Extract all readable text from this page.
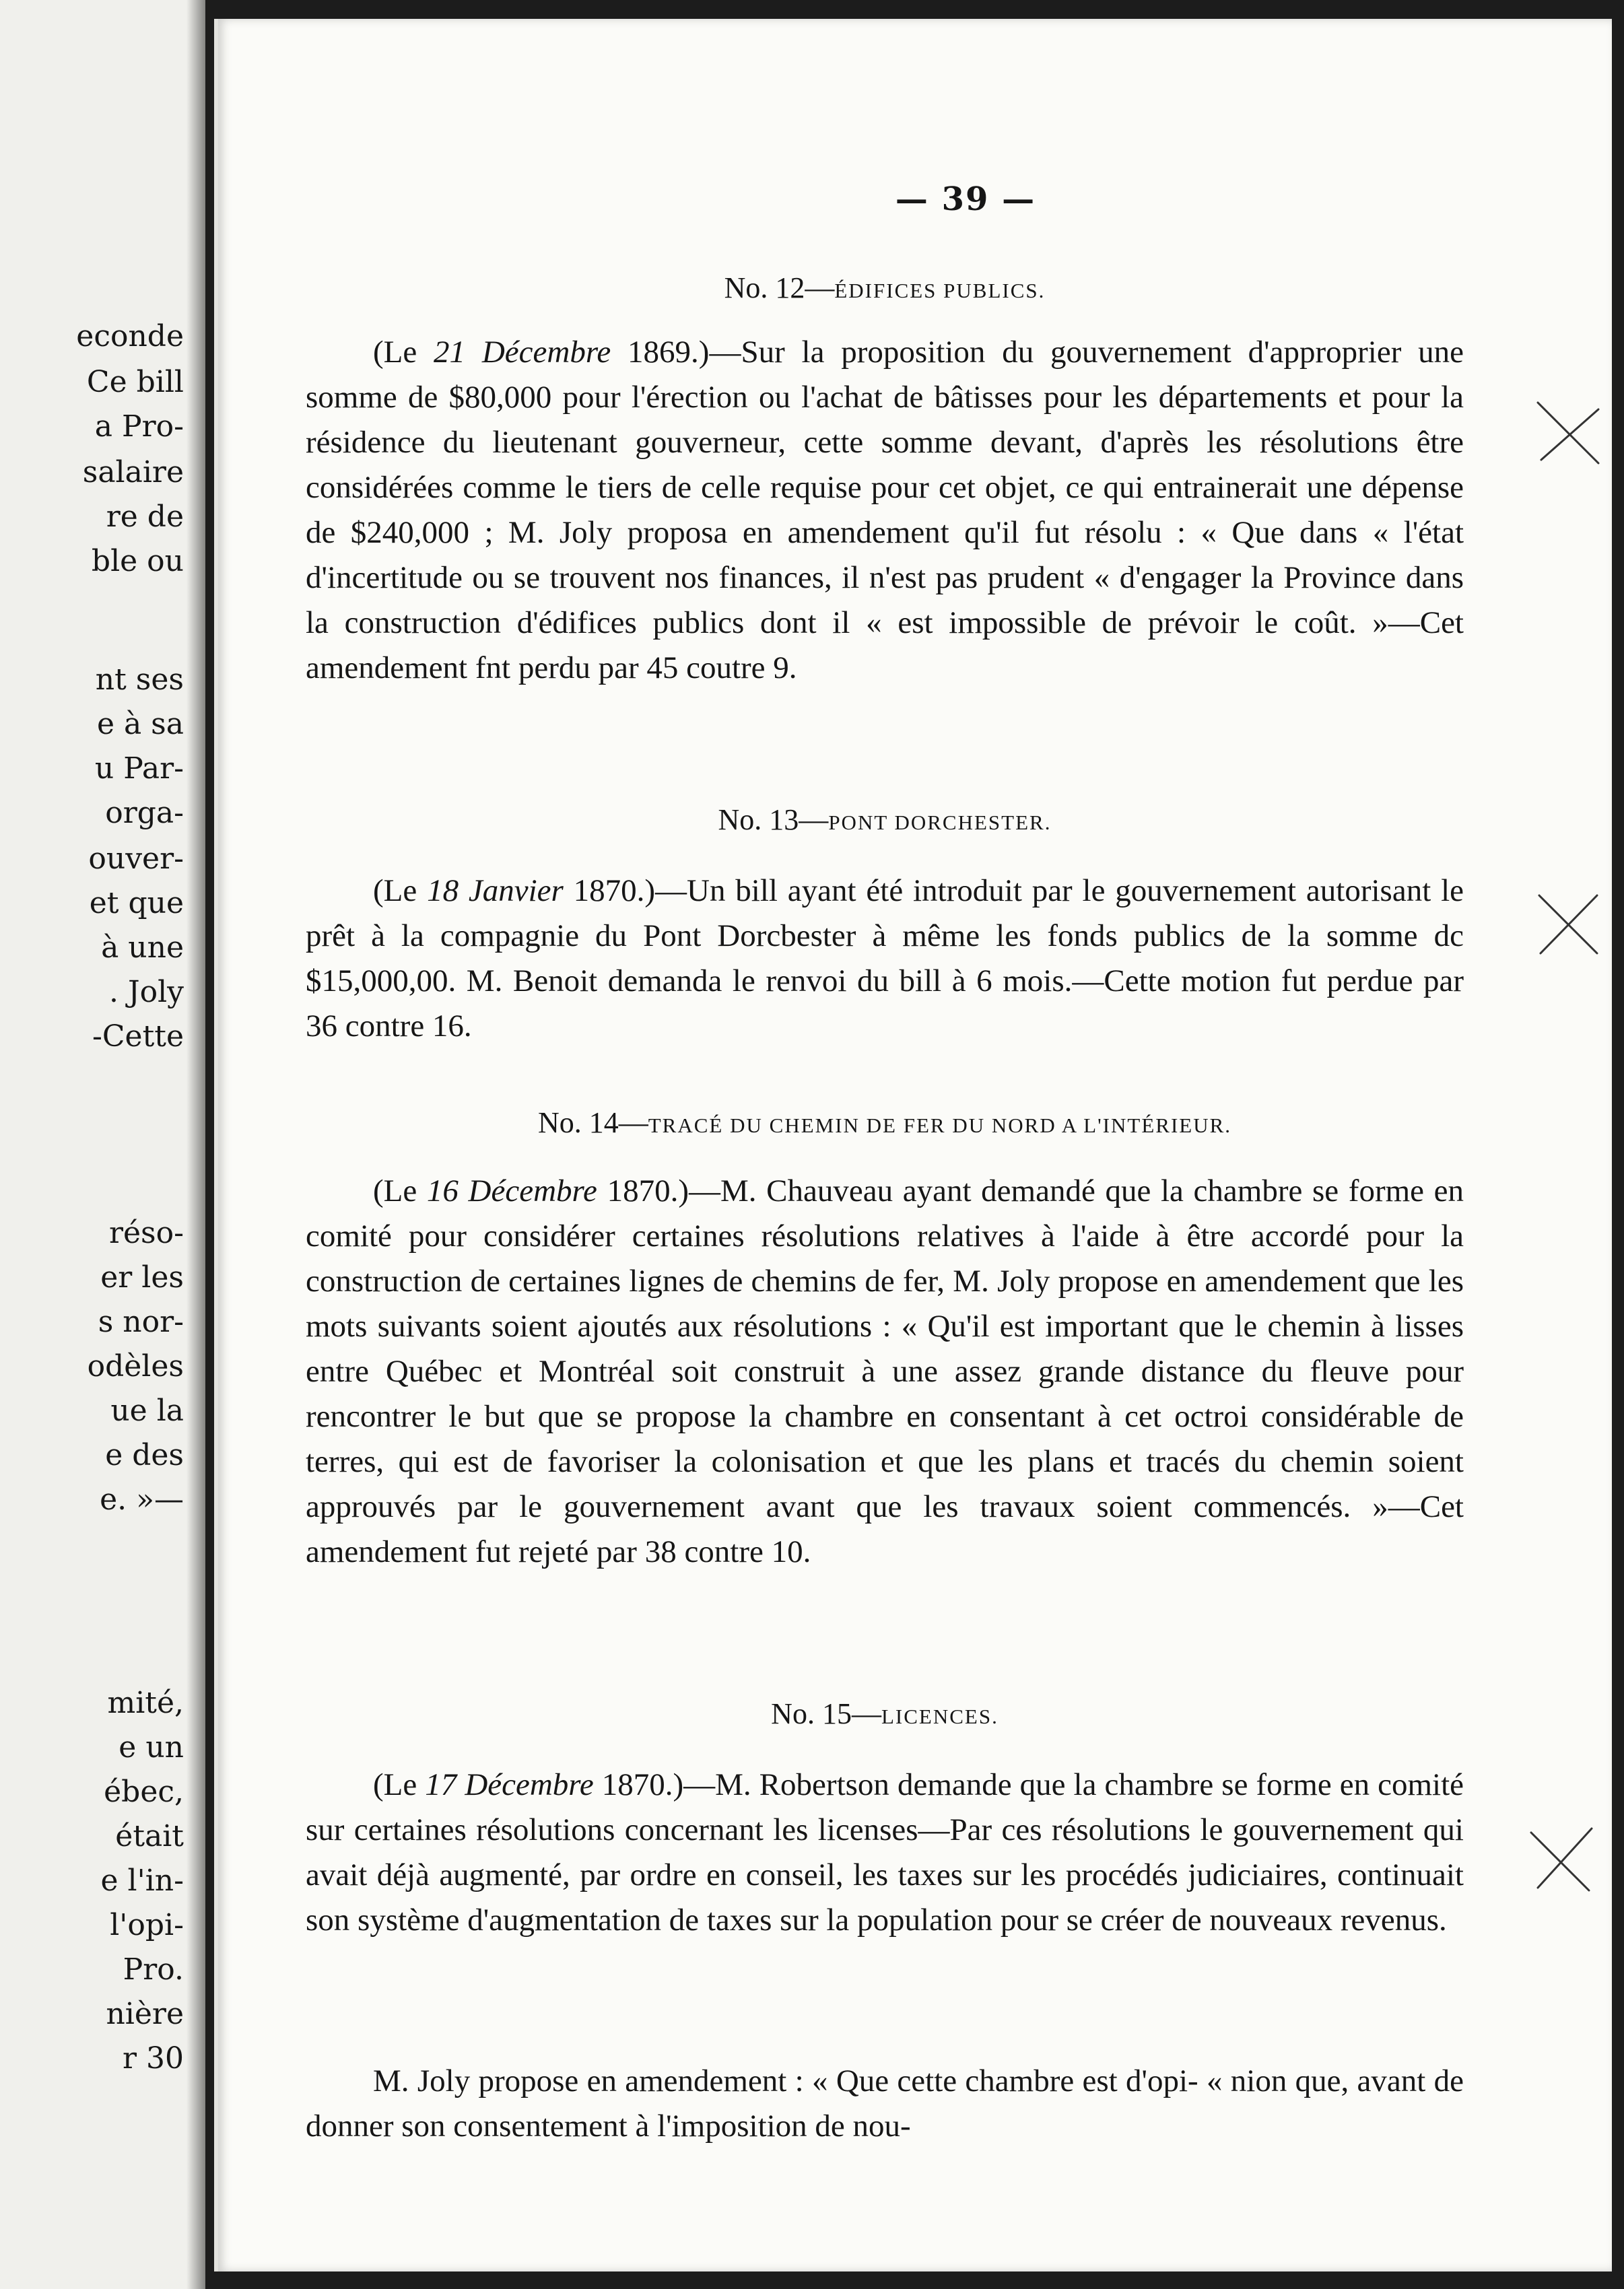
econde
Ce bill
a Pro-
salaire
re de
ble ou
nt ses
e à sa
u Par-
orga-
ouver-
et que
à une
. Joly
-Cette
réso-
er les
s nor-
odèles
ue la
e des
e. »—
mité,
e un
ébec,
était
e l'in-
l'opi-
Pro.
nière
r 30
— 39 —
No. 12—ÉDIFICES PUBLICS.

(Le 21 Décembre 1869.)—Sur la proposition du gouvernement d'approprier une somme de $80,000 pour l'érection ou l'achat de bâtisses pour les départements et pour la résidence du lieutenant gouverneur, cette somme devant, d'après les résolutions être considérées comme le tiers de celle requise pour cet objet, ce qui entrainerait une dépense de $240,000 ; M. Joly proposa en amendement qu'il fut résolu : « Que dans « l'état d'incertitude ou se trouvent nos finances, il n'est pas prudent « d'engager la Province dans la construction d'édifices publics dont il « est impossible de prévoir le coût. »—Cet amendement fnt perdu par 45 coutre 9.

No. 13—PONT DORCHESTER.

(Le 18 Janvier 1870.)—Un bill ayant été introduit par le gouvernement autorisant le prêt à la compagnie du Pont Dorcbester à même les fonds publics de la somme dc $15,000,00. M. Benoit demanda le renvoi du bill à 6 mois.—Cette motion fut perdue par 36 contre 16.

No. 14—TRACÉ DU CHEMIN DE FER DU NORD A L'INTÉRIEUR.

(Le 16 Décembre 1870.)—M. Chauveau ayant demandé que la chambre se forme en comité pour considérer certaines résolutions relatives à l'aide à être accordé pour la construction de certaines lignes de chemins de fer, M. Joly propose en amendement que les mots suivants soient ajoutés aux résolutions : « Qu'il est important que le chemin à lisses entre Québec et Montréal soit construit à une assez grande distance du fleuve pour rencontrer le but que se propose la chambre en consentant à cet octroi considérable de terres, qui est de favoriser la colonisation et que les plans et tracés du chemin soient approuvés par le gouvernement avant que les travaux soient commencés. »—Cet amendement fut rejeté par 38 contre 10.

No. 15—LICENCES.

(Le 17 Décembre 1870.)—M. Robertson demande que la chambre se forme en comité sur certaines résolutions concernant les licenses—Par ces résolutions le gouvernement qui avait déjà augmenté, par ordre en conseil, les taxes sur les procédés judiciaires, continuait son système d'augmentation de taxes sur la population pour se créer de nouveaux revenus.

M. Joly propose en amendement : « Que cette chambre est d'opi- « nion que, avant de donner son consentement à l'imposition de nou-
